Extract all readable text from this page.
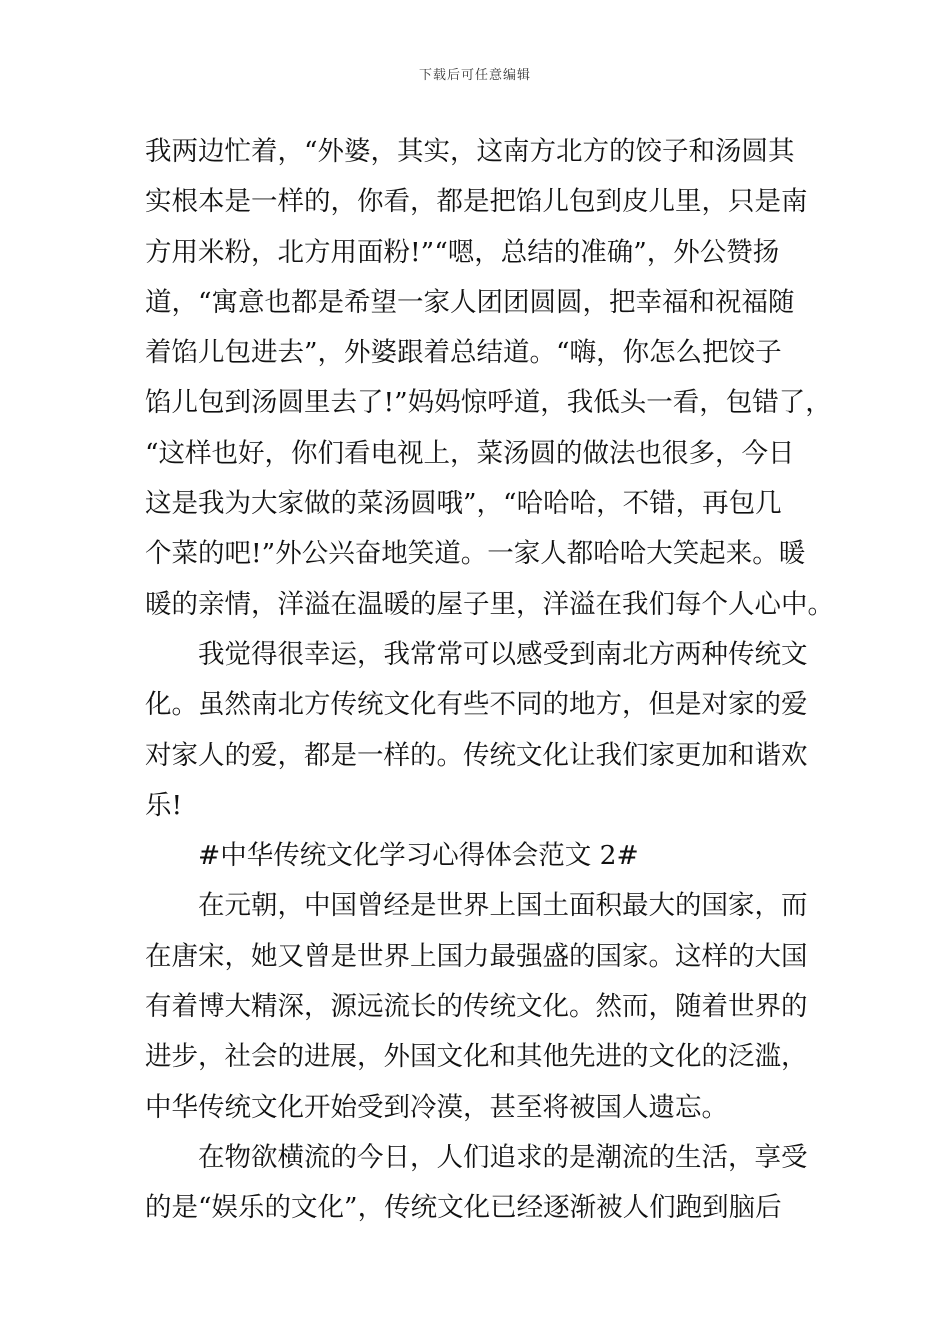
下载后可任意编辑
我两边忙着，“外婆，其实，这南方北方的饺子和汤圆其
实根本是一样的，你看，都是把馅儿包到皮儿里，只是南
方用米粉，北方用面粉!”“嗯，总结的准确”，外公赞扬
道，“寓意也都是希望一家人团团圆圆，把幸福和祝福随
着馅儿包进去”，外婆跟着总结道。“嗨，你怎么把饺子
馅儿包到汤圆里去了!”妈妈惊呼道，我低头一看，包错了，
“这样也好，你们看电视上，菜汤圆的做法也很多，今日
这是我为大家做的菜汤圆哦”，“哈哈哈，不错，再包几
个菜的吧!”外公兴奋地笑道。一家人都哈哈大笑起来。暖
暖的亲情，洋溢在温暖的屋子里，洋溢在我们每个人心中。
我觉得很幸运，我常常可以感受到南北方两种传统文
化。虽然南北方传统文化有些不同的地方，但是对家的爱
对家人的爱，都是一样的。传统文化让我们家更加和谐欢
乐!
#中华传统文化学习心得体会范文 2#
在元朝，中国曾经是世界上国土面积最大的国家，而
在唐宋，她又曾是世界上国力最强盛的国家。这样的大国
有着博大精深，源远流长的传统文化。然而，随着世界的
进步，社会的进展，外国文化和其他先进的文化的泛滥，
中华传统文化开始受到冷漠，甚至将被国人遗忘。
在物欲横流的今日，人们追求的是潮流的生活，享受
的是“娱乐的文化”，传统文化已经逐渐被人们跑到脑后
